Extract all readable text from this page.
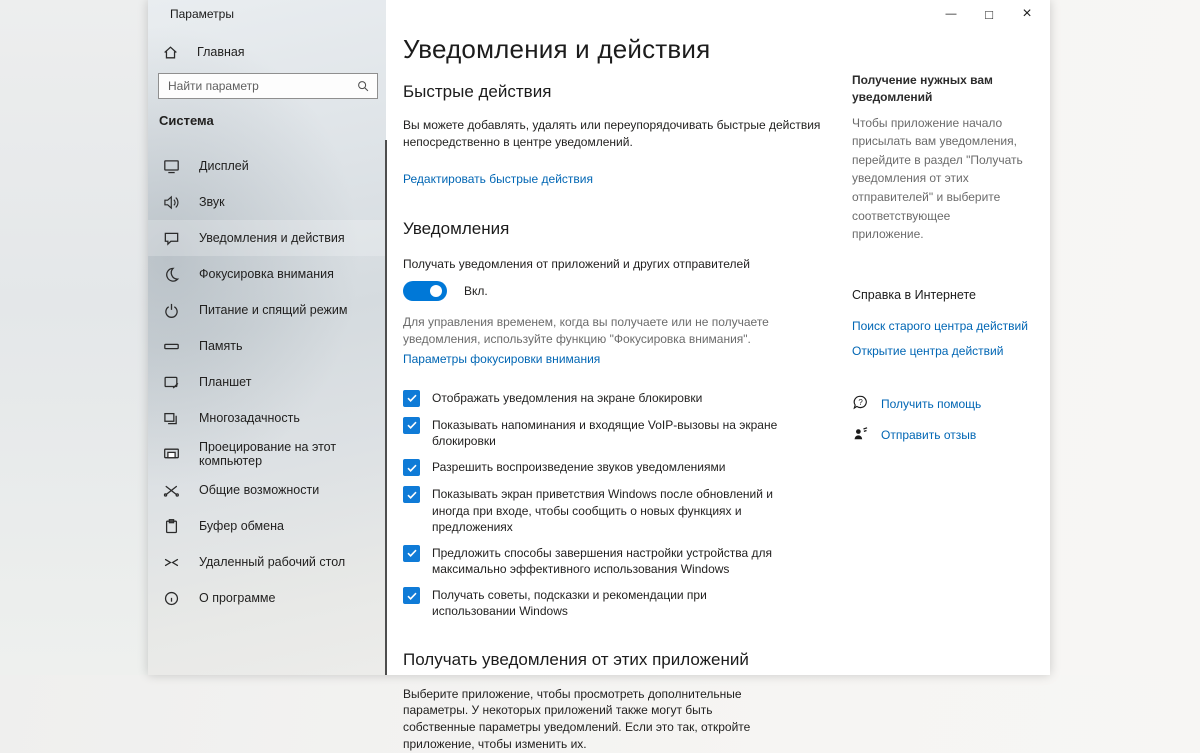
Параметры
Главная
Найти параметр
Система
Дисплей
Звук
Уведомления и действия
Фокусировка внимания
Питание и спящий режим
Память
Планшет
Многозадачность
Проецирование на этот компьютер
Общие возможности
Буфер обмена
Удаленный рабочий стол
О программе
—	□	×
Уведомления и действия
Быстрые действия

Вы можете добавлять, удалять или переупорядочивать быстрые действия непосредственно в центре уведомлений.

Редактировать быстрые действия
Уведомления

Получать уведомления от приложений и других отправителей

Вкл.

Для управления временем, когда вы получаете или не получаете уведомления, используйте функцию "Фокусировка внимания".

Параметры фокусировки внимания
Отображать уведомления на экране блокировки
Показывать напоминания и входящие VoIP-вызовы на экране блокировки
Разрешить воспроизведение звуков уведомлениями
Показывать экран приветствия Windows после обновлений и иногда при входе, чтобы сообщить о новых функциях и предложениях
Предложить способы завершения настройки устройства для максимально эффективного использования Windows
Получать советы, подсказки и рекомендации при использовании Windows
Получать уведомления от этих приложений

Выберите приложение, чтобы просмотреть дополнительные параметры. У некоторых приложений также могут быть собственные параметры уведомлений. Если это так, откройте приложение, чтобы изменить их.

Получение нужных вам уведомлений
Чтобы приложение начало присылать вам уведомления, перейдите в раздел "Получать уведомления от этих отправителей" и выберите соответствующее приложение.
Справка в Интернете
Поиск старого центра действий
Открытие центра действий
? Получить помощь
Отправить отзыв
